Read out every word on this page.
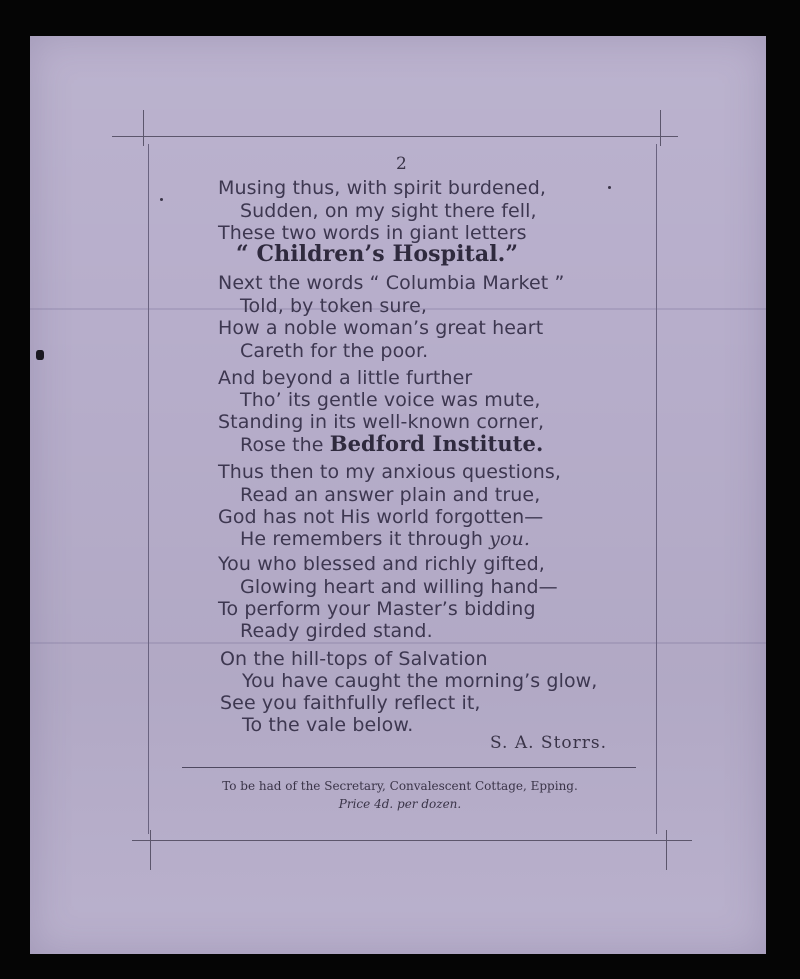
2
Musing thus, with spirit burdened,
Sudden, on my sight there fell,
These two words in giant letters
“ Children’s Hospital.”
Next the words “ Columbia Market ”
Told, by token sure,
How a noble woman’s great heart
Careth for the poor.
And beyond a little further
Tho’ its gentle voice was mute,
Standing in its well-known corner,
Rose the Bedford Institute.
Thus then to my anxious questions,
Read an answer plain and true,
God has not His world forgotten—
He remembers it through you.
You who blessed and richly gifted,
Glowing heart and willing hand—
To perform your Master’s bidding
Ready girded stand.
On the hill-tops of Salvation
You have caught the morning’s glow,
See you faithfully reflect it,
To the vale below.
S. A. Storrs.
To be had of the Secretary, Convalescent Cottage, Epping.
Price 4d. per dozen.
